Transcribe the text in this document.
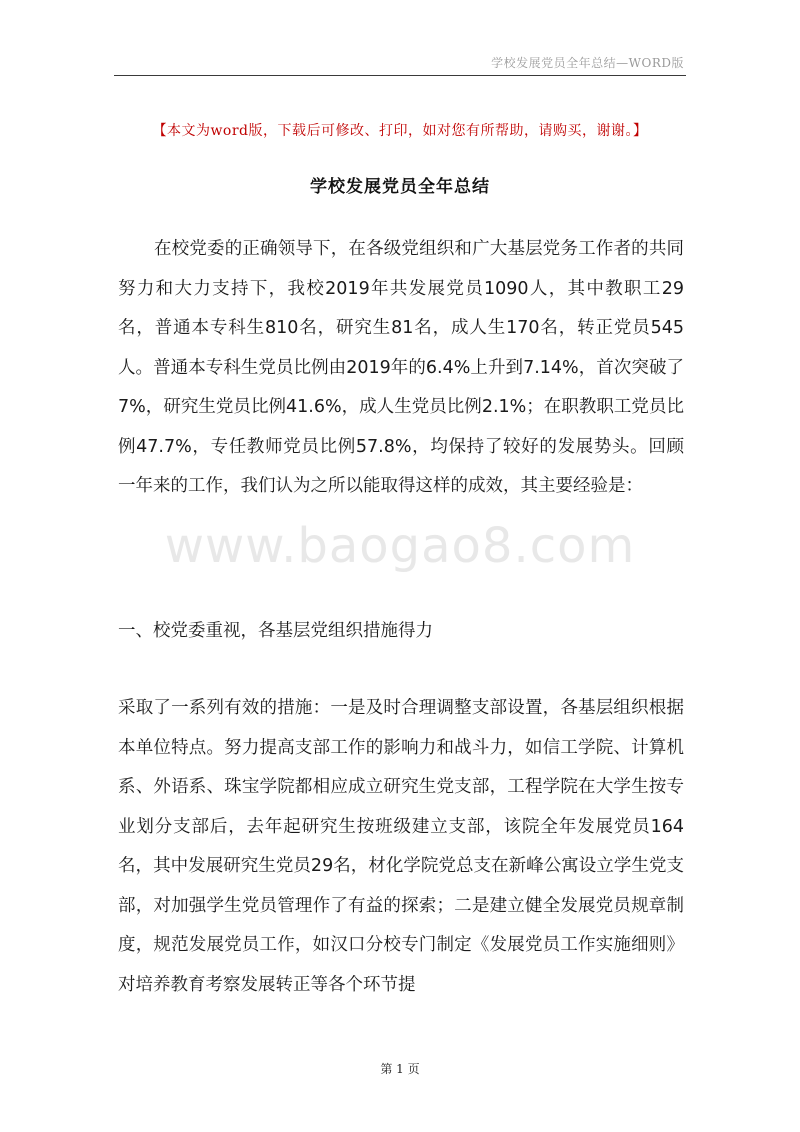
学校发展党员全年总结—WORD版
【本文为word版，下载后可修改、打印，如对您有所帮助，请购买，谢谢。】
学校发展党员全年总结

在校党委的正确领导下，在各级党组织和广大基层党务工作者的共同努力和大力支持下，我校2019年共发展党员1090人，其中教职工29名，普通本专科生810名，研究生81名，成人生170名，转正党员545人。普通本专科生党员比例由2019年的6.4%上升到7.14%，首次突破了7%，研究生党员比例41.6%，成人生党员比例2.1%；在职教职工党员比例47.7%，专任教师党员比例57.8%，均保持了较好的发展势头。回顾一年来的工作，我们认为之所以能取得这样的成效，其主要经验是：

www.baogao8.com

一、校党委重视，各基层党组织措施得力

采取了一系列有效的措施：一是及时合理调整支部设置，各基层组织根据本单位特点。努力提高支部工作的影响力和战斗力，如信工学院、计算机系、外语系、珠宝学院都相应成立研究生党支部，工程学院在大学生按专业划分支部后，去年起研究生按班级建立支部，该院全年发展党员164名，其中发展研究生党员29名，材化学院党总支在新峰公寓设立学生党支部，对加强学生党员管理作了有益的探索；二是建立健全发展党员规章制度，规范发展党员工作，如汉口分校专门制定《发展党员工作实施细则》对培养教育考察发展转正等各个环节提

第 1 页
